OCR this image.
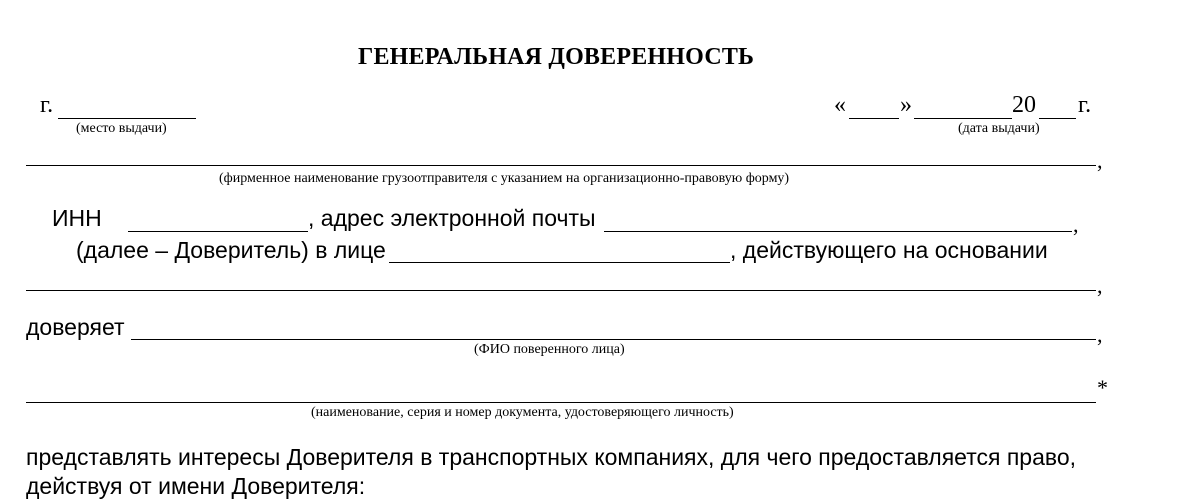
ГЕНЕРАЛЬНАЯ ДОВЕРЕННОСТЬ
г.
(место выдачи)
« »	20 г.
(дата выдачи)
,
(фирменное наименование грузоотправителя с указанием на организационно-правовую форму)
ИНН	, адрес электронной почты	,
(далее – Доверитель) в лице	, действующего на основании
,
доверяет	,
(ФИО поверенного лица)
*
(наименование, серия и номер документа, удостоверяющего личность)
представлять интересы Доверителя в транспортных компаниях, для чего предоставляется право,
действуя от имени Доверителя:
